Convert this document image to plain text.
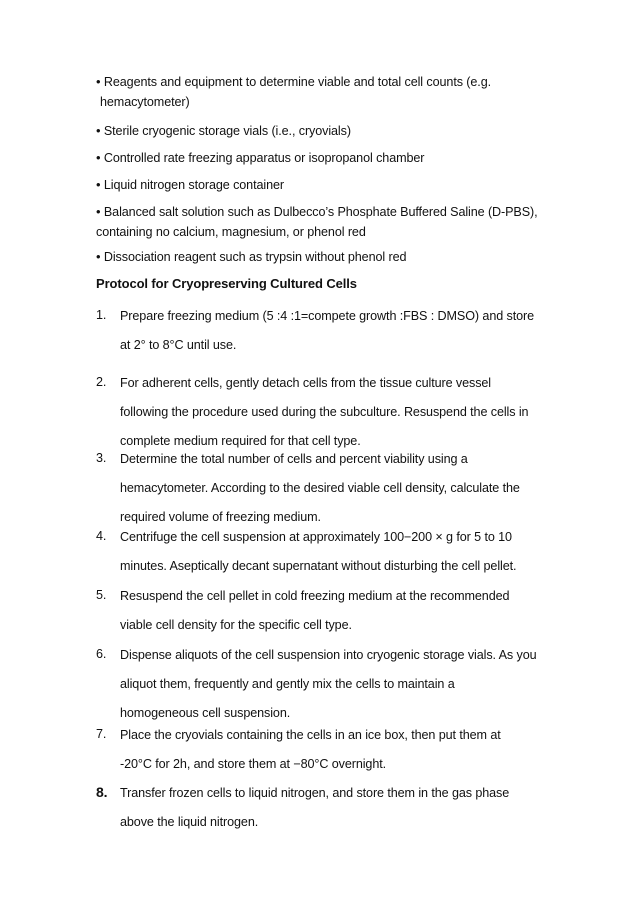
• Reagents and equipment to determine viable and total cell counts (e.g.
hemacytometer)

• Sterile cryogenic storage vials (i.e., cryovials)

• Controlled rate freezing apparatus or isopropanol chamber

• Liquid nitrogen storage container

• Balanced salt solution such as Dulbecco’s Phosphate Buffered Saline (D-PBS),
containing no calcium, magnesium, or phenol red

• Dissociation reagent such as trypsin without phenol red

Protocol for Cryopreserving Cultured Cells
1.	Prepare freezing medium (5 :4 :1=compete growth :FBS : DMSO) and store
at 2° to 8°C until use.
2.	For adherent cells, gently detach cells from the tissue culture vessel
following the procedure used during the subculture. Resuspend the cells in
complete medium required for that cell type.
3.	Determine the total number of cells and percent viability using a
hemacytometer. According to the desired viable cell density, calculate the
required volume of freezing medium.
4.	Centrifuge the cell suspension at approximately 100−200 × g for 5 to 10
minutes. Aseptically decant supernatant without disturbing the cell pellet.
5.	Resuspend the cell pellet in cold freezing medium at the recommended
viable cell density for the specific cell type.
6.	Dispense aliquots of the cell suspension into cryogenic storage vials. As you
aliquot them, frequently and gently mix the cells to maintain a
homogeneous cell suspension.
7.	Place the cryovials containing the cells in an ice box, then put them at
-20°C for 2h, and store them at −80°C overnight.
8. Transfer frozen cells to liquid nitrogen, and store them in the gas phase
above the liquid nitrogen.
